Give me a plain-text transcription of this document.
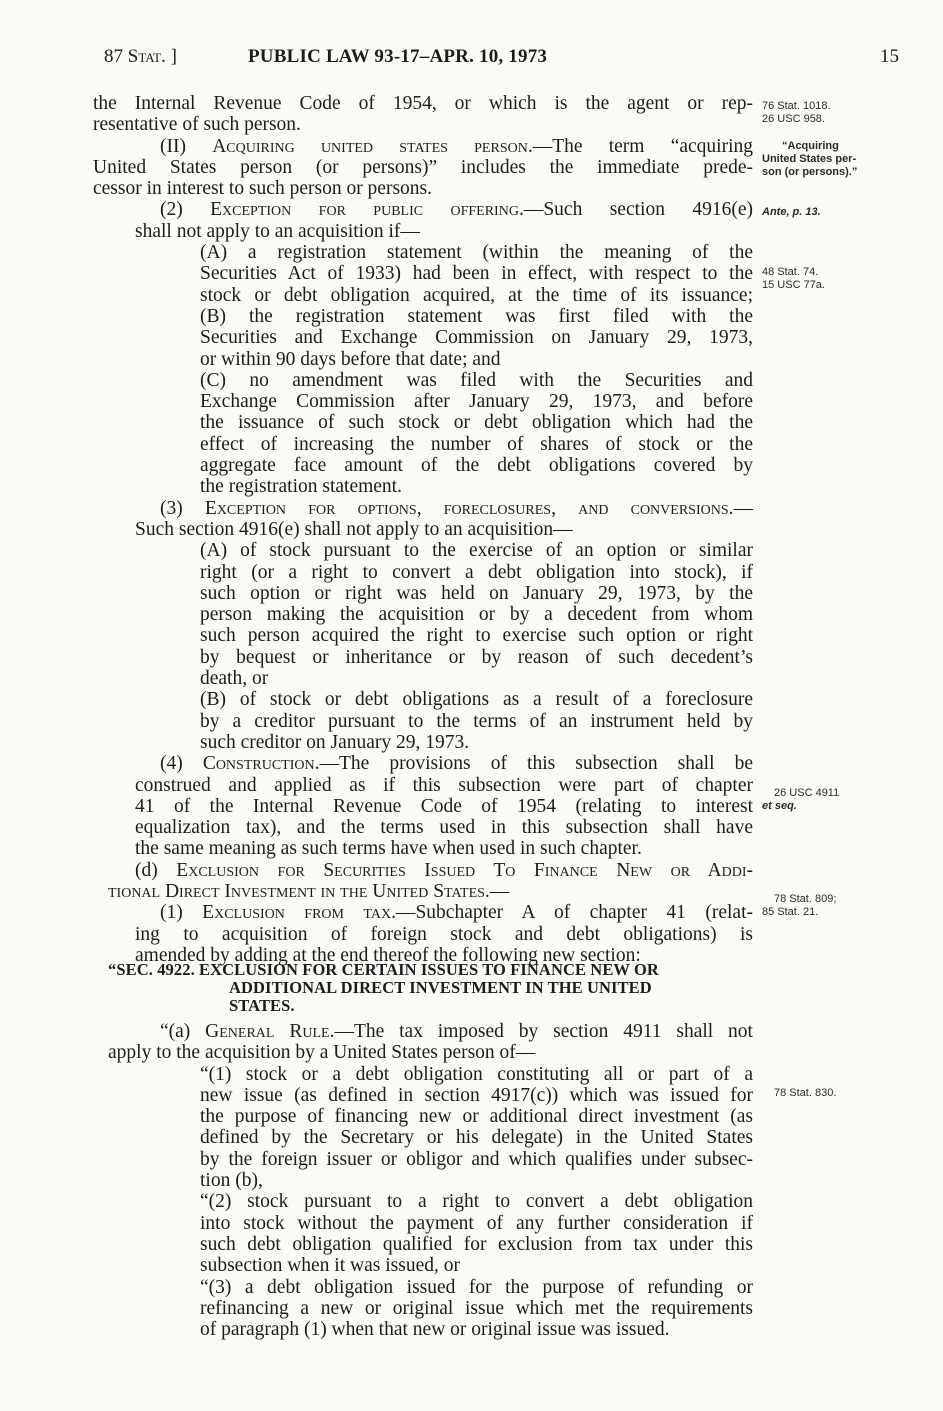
87 Stat. ]	PUBLIC LAW 93-17–APR. 10, 1973	15
the Internal Revenue Code of 1954, or which is the agent or rep-
resentative of such person.
(II) Acquiring united states person.—The term “acquiring
United States person (or persons)” includes the immediate prede-
cessor in interest to such person or persons.
(2) Exception for public offering.—Such section 4916(e)
shall not apply to an acquisition if—
(A) a registration statement (within the meaning of the
Securities Act of 1933) had been in effect, with respect to the
stock or debt obligation acquired, at the time of its issuance;
(B) the registration statement was first filed with the
Securities and Exchange Commission on January 29, 1973,
or within 90 days before that date; and
(C) no amendment was filed with the Securities and
Exchange Commission after January 29, 1973, and before
the issuance of such stock or debt obligation which had the
effect of increasing the number of shares of stock or the
aggregate face amount of the debt obligations covered by
the registration statement.
(3) Exception for options, foreclosures, and conversions.—
Such section 4916(e) shall not apply to an acquisition—
(A) of stock pursuant to the exercise of an option or similar
right (or a right to convert a debt obligation into stock), if
such option or right was held on January 29, 1973, by the
person making the acquisition or by a decedent from whom
such person acquired the right to exercise such option or right
by bequest or inheritance or by reason of such decedent’s
death, or
(B) of stock or debt obligations as a result of a foreclosure
by a creditor pursuant to the terms of an instrument held by
such creditor on January 29, 1973.
(4) Construction.—The provisions of this subsection shall be
construed and applied as if this subsection were part of chapter
41 of the Internal Revenue Code of 1954 (relating to interest
equalization tax), and the terms used in this subsection shall have
the same meaning as such terms have when used in such chapter.
(d) Exclusion for Securities Issued To Finance New or Addi-
tional Direct Investment in the United States.—
(1) Exclusion from tax.—Subchapter A of chapter 41 (relat-
ing to acquisition of foreign stock and debt obligations) is
amended by adding at the end thereof the following new section:
“SEC. 4922. EXCLUSION FOR CERTAIN ISSUES TO FINANCE NEW OR
ADDITIONAL DIRECT INVESTMENT IN THE UNITED
STATES.
“(a) General Rule.—The tax imposed by section 4911 shall not
apply to the acquisition by a United States person of—
“(1) stock or a debt obligation constituting all or part of a
new issue (as defined in section 4917(c)) which was issued for
the purpose of financing new or additional direct investment (as
defined by the Secretary or his delegate) in the United States
by the foreign issuer or obligor and which qualifies under subsec-
tion (b),
“(2) stock pursuant to a right to convert a debt obligation
into stock without the payment of any further consideration if
such debt obligation qualified for exclusion from tax under this
subsection when it was issued, or
“(3) a debt obligation issued for the purpose of refunding or
refinancing a new or original issue which met the requirements
of paragraph (1) when that new or original issue was issued.
76 Stat. 1018.
26 USC 958.
“Acquiring
United States per-
son (or persons).”
Ante, p. 13.
48 Stat. 74.
15 USC 77a.
26 USC 4911
et seq.
78 Stat. 809;
85 Stat. 21.
78 Stat. 830.
